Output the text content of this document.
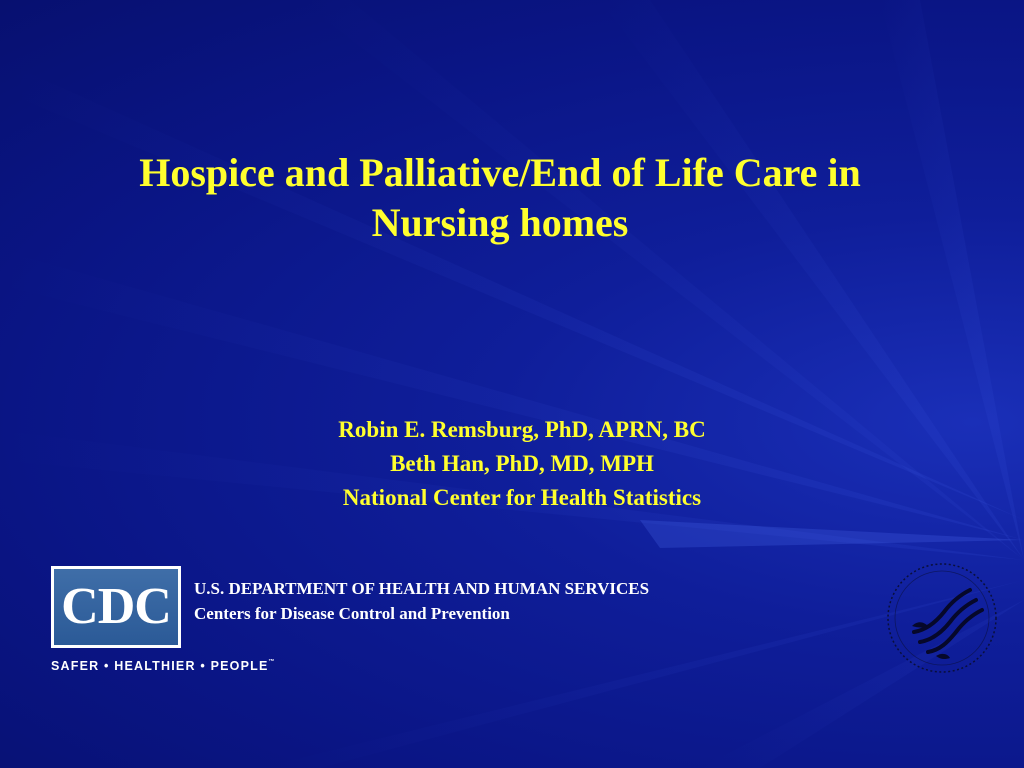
Hospice and Palliative/End of Life Care in
Nursing homes
Robin E. Remsburg, PhD, APRN, BC
Beth Han, PhD, MD, MPH
National Center for Health Statistics
CDC
SAFER • HEALTHIER • PEOPLE™
U.S. DEPARTMENT OF HEALTH AND HUMAN SERVICES
Centers for Disease Control and Prevention
